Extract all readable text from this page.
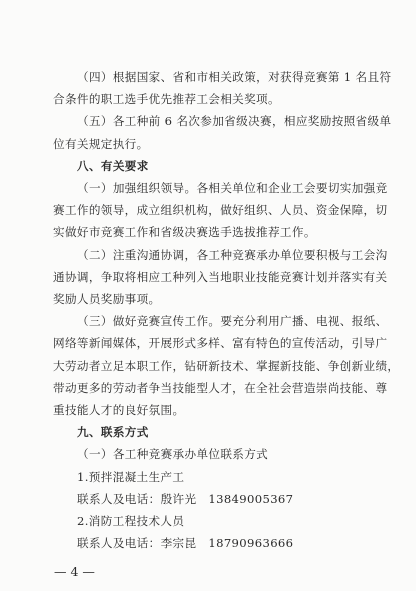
（四）根据国家、省和市相关政策，对获得竞赛第 1 名且符
合条件的职工选手优先推荐工会相关奖项。
（五）各工种前 6 名次参加省级决赛，相应奖励按照省级单
位有关规定执行。
八、有关要求
（一）加强组织领导。各相关单位和企业工会要切实加强竞
赛工作的领导，成立组织机构，做好组织、人员、资金保障，切
实做好市竞赛工作和省级决赛选手选拔推荐工作。
（二）注重沟通协调，各工种竞赛承办单位要积极与工会沟
通协调，争取将相应工种列入当地职业技能竞赛计划并落实有关
奖励人员奖励事项。
（三）做好竞赛宣传工作。要充分利用广播、电视、报纸、
网络等新闻媒体，开展形式多样、富有特色的宣传活动，引导广
大劳动者立足本职工作，钻研新技术、掌握新技能、争创新业绩，
带动更多的劳动者争当技能型人才，在全社会营造崇尚技能、尊
重技能人才的良好氛围。
九、联系方式
（一）各工种竞赛承办单位联系方式
1.预拌混凝土生产工
联系人及电话：殷许光　13849005367
2.消防工程技术人员
联系人及电话：李宗昆　18790963666
— 4 —
